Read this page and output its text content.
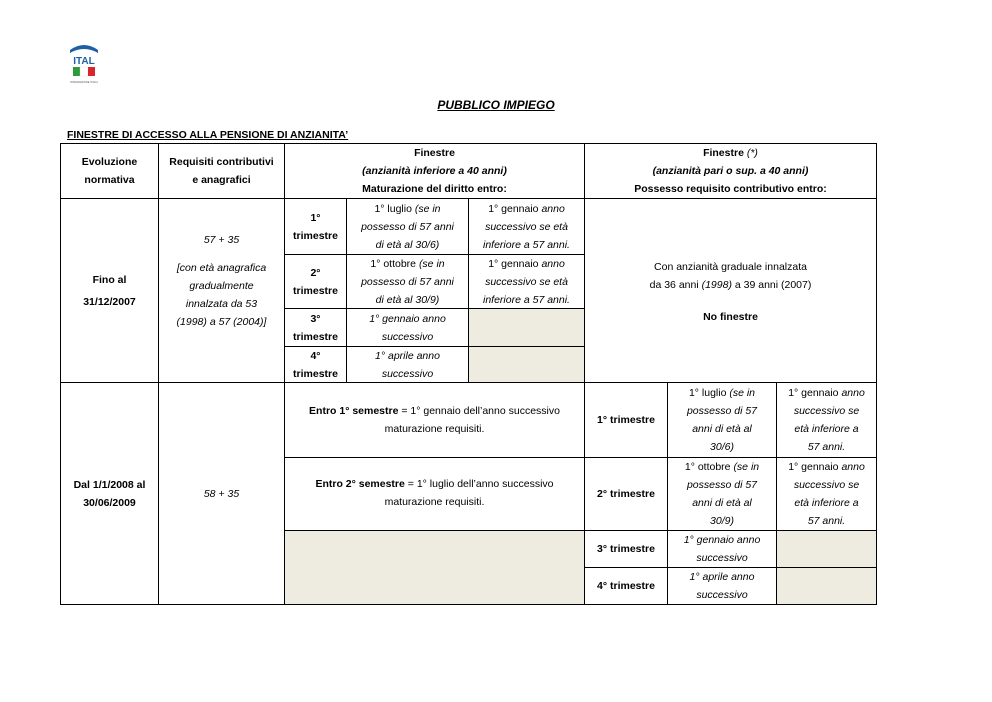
ITAL
INTEGRAZIONE ITALIA
PUBBLICO IMPIEGO
FINESTRE DI ACCESSO ALLA PENSIONE DI ANZIANITA’
Evoluzione
normativa
Requisiti contributivi
e anagrafici
Finestre
(anzianità inferiore a 40 anni)
Maturazione del diritto entro:
Finestre (*)
(anzianità pari o sup. a 40 anni)
Possesso requisito contributivo entro:
Fino al
31/12/2007
57 + 35
[con età anagrafica
gradualmente
innalzata da 53
(1998) a 57 (2004)]
1°
trimestre
1° luglio (se in
possesso di 57 anni
di età al 30/6)
1° gennaio anno
successivo se età
inferiore a 57 anni.
2°
trimestre
1° ottobre (se in
possesso di 57 anni
di età al 30/9)
1° gennaio anno
successivo se età
inferiore a 57 anni.
3°
trimestre
1° gennaio anno
successivo
4°
trimestre
1° aprile anno
successivo
Con anzianità graduale innalzata
da 36 anni (1998) a 39 anni (2007)
No finestre
Dal 1/1/2008 al
30/06/2009
58 + 35
Entro 1° semestre = 1° gennaio dell’anno successivo
maturazione requisiti.
Entro 2° semestre = 1° luglio dell’anno successivo
maturazione requisiti.
1° trimestre
1° luglio (se in
possesso di 57
anni di età al
30/6)
1° gennaio anno
successivo se
età inferiore a
57 anni.
2° trimestre
1° ottobre (se in
possesso di 57
anni di età al
30/9)
1° gennaio anno
successivo se
età inferiore a
57 anni.
3° trimestre
1° gennaio anno
successivo
4° trimestre
1° aprile anno
successivo
